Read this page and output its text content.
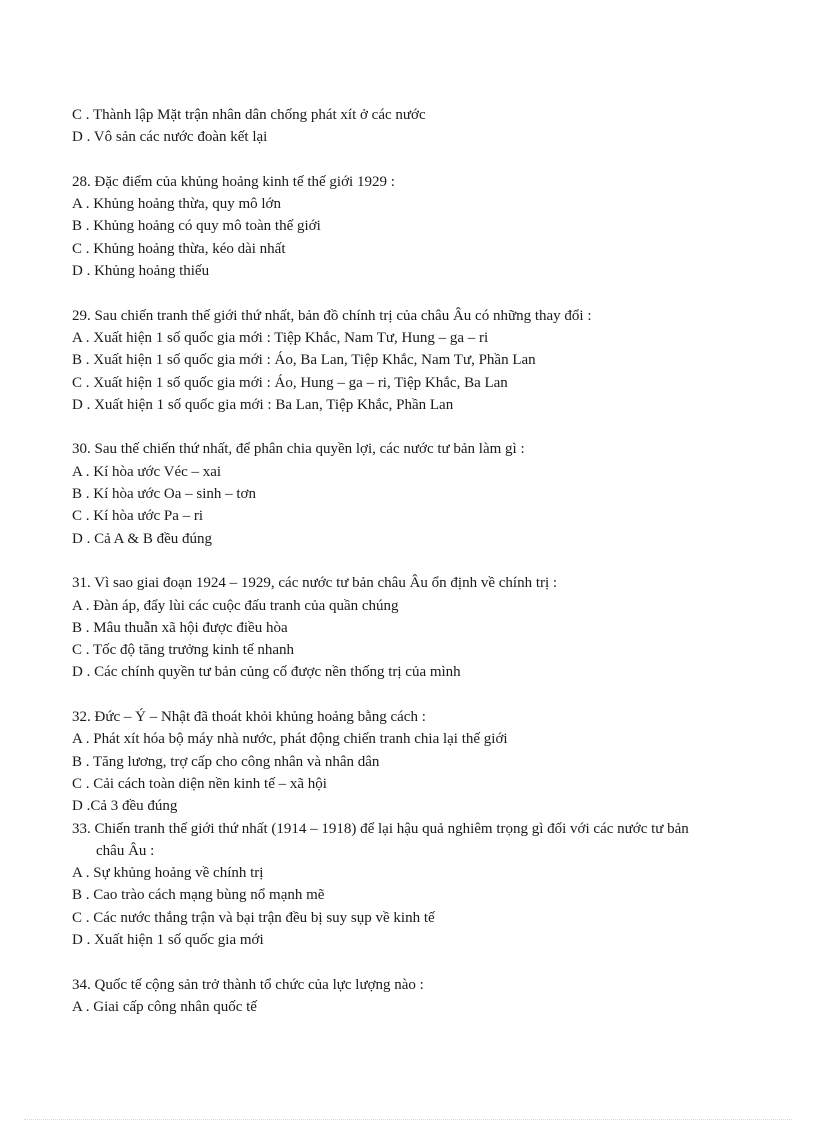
C . Thành lập Mặt trận nhân dân chống phát xít ở các nước
D . Vô sản các nước đoàn kết lại
28. Đặc điểm của khủng hoảng kinh tế thế giới 1929 :
A . Khủng hoảng thừa, quy mô lớn
B . Khủng hoảng có quy mô toàn thế giới
C . Khủng hoảng thừa, kéo dài nhất
D . Khủng hoảng thiếu
29. Sau chiến tranh thế giới thứ nhất, bản đồ chính trị của châu Âu có những thay đổi :
A . Xuất hiện 1 số quốc gia mới : Tiệp Khắc, Nam Tư, Hung – ga – ri
B . Xuất hiện 1 số quốc gia mới : Áo, Ba Lan, Tiệp Khắc, Nam Tư, Phần Lan
C . Xuất hiện 1 số quốc gia mới : Áo, Hung – ga – ri, Tiệp Khắc, Ba Lan
D . Xuất hiện 1 số quốc gia mới : Ba Lan, Tiệp Khắc, Phần Lan
30. Sau thế chiến thứ nhất, để phân chia quyền lợi, các nước tư bản làm gì :
A . Kí hòa ước Véc – xai
B . Kí hòa ước Oa – sinh – tơn
C . Kí hòa ước Pa – ri
D . Cả A & B đều đúng
31. Vì sao giai đoạn 1924 – 1929, các nước tư bản châu Âu ổn định về chính trị :
A . Đàn áp, đẩy lùi các cuộc đấu tranh của quần chúng
B . Mâu thuẫn xã hội được điều hòa
C . Tốc độ tăng trưởng kinh tế nhanh
D . Các chính quyền tư bản củng cố được nền thống trị của mình
32. Đức – Ý – Nhật đã thoát khỏi khủng hoảng bằng cách :
A . Phát xít hóa bộ máy nhà nước, phát động chiến tranh chia lại thế giới
B . Tăng lương, trợ cấp cho công nhân và nhân dân
C . Cải cách toàn diện nền kinh tế – xã hội
D .Cả 3 đều đúng
33. Chiến tranh thế giới thứ nhất (1914 – 1918) để lại hậu quả nghiêm trọng gì đối với các nước tư bản
châu Âu :
A . Sự khủng hoảng về chính trị
B . Cao trào cách mạng bùng nổ mạnh mẽ
C . Các nước thắng trận và bại trận đều bị suy sụp về kinh tế
D . Xuất hiện 1 số quốc gia mới
34. Quốc tế cộng sản trở thành tổ chức của lực lượng nào :
A . Giai cấp công nhân quốc tế
